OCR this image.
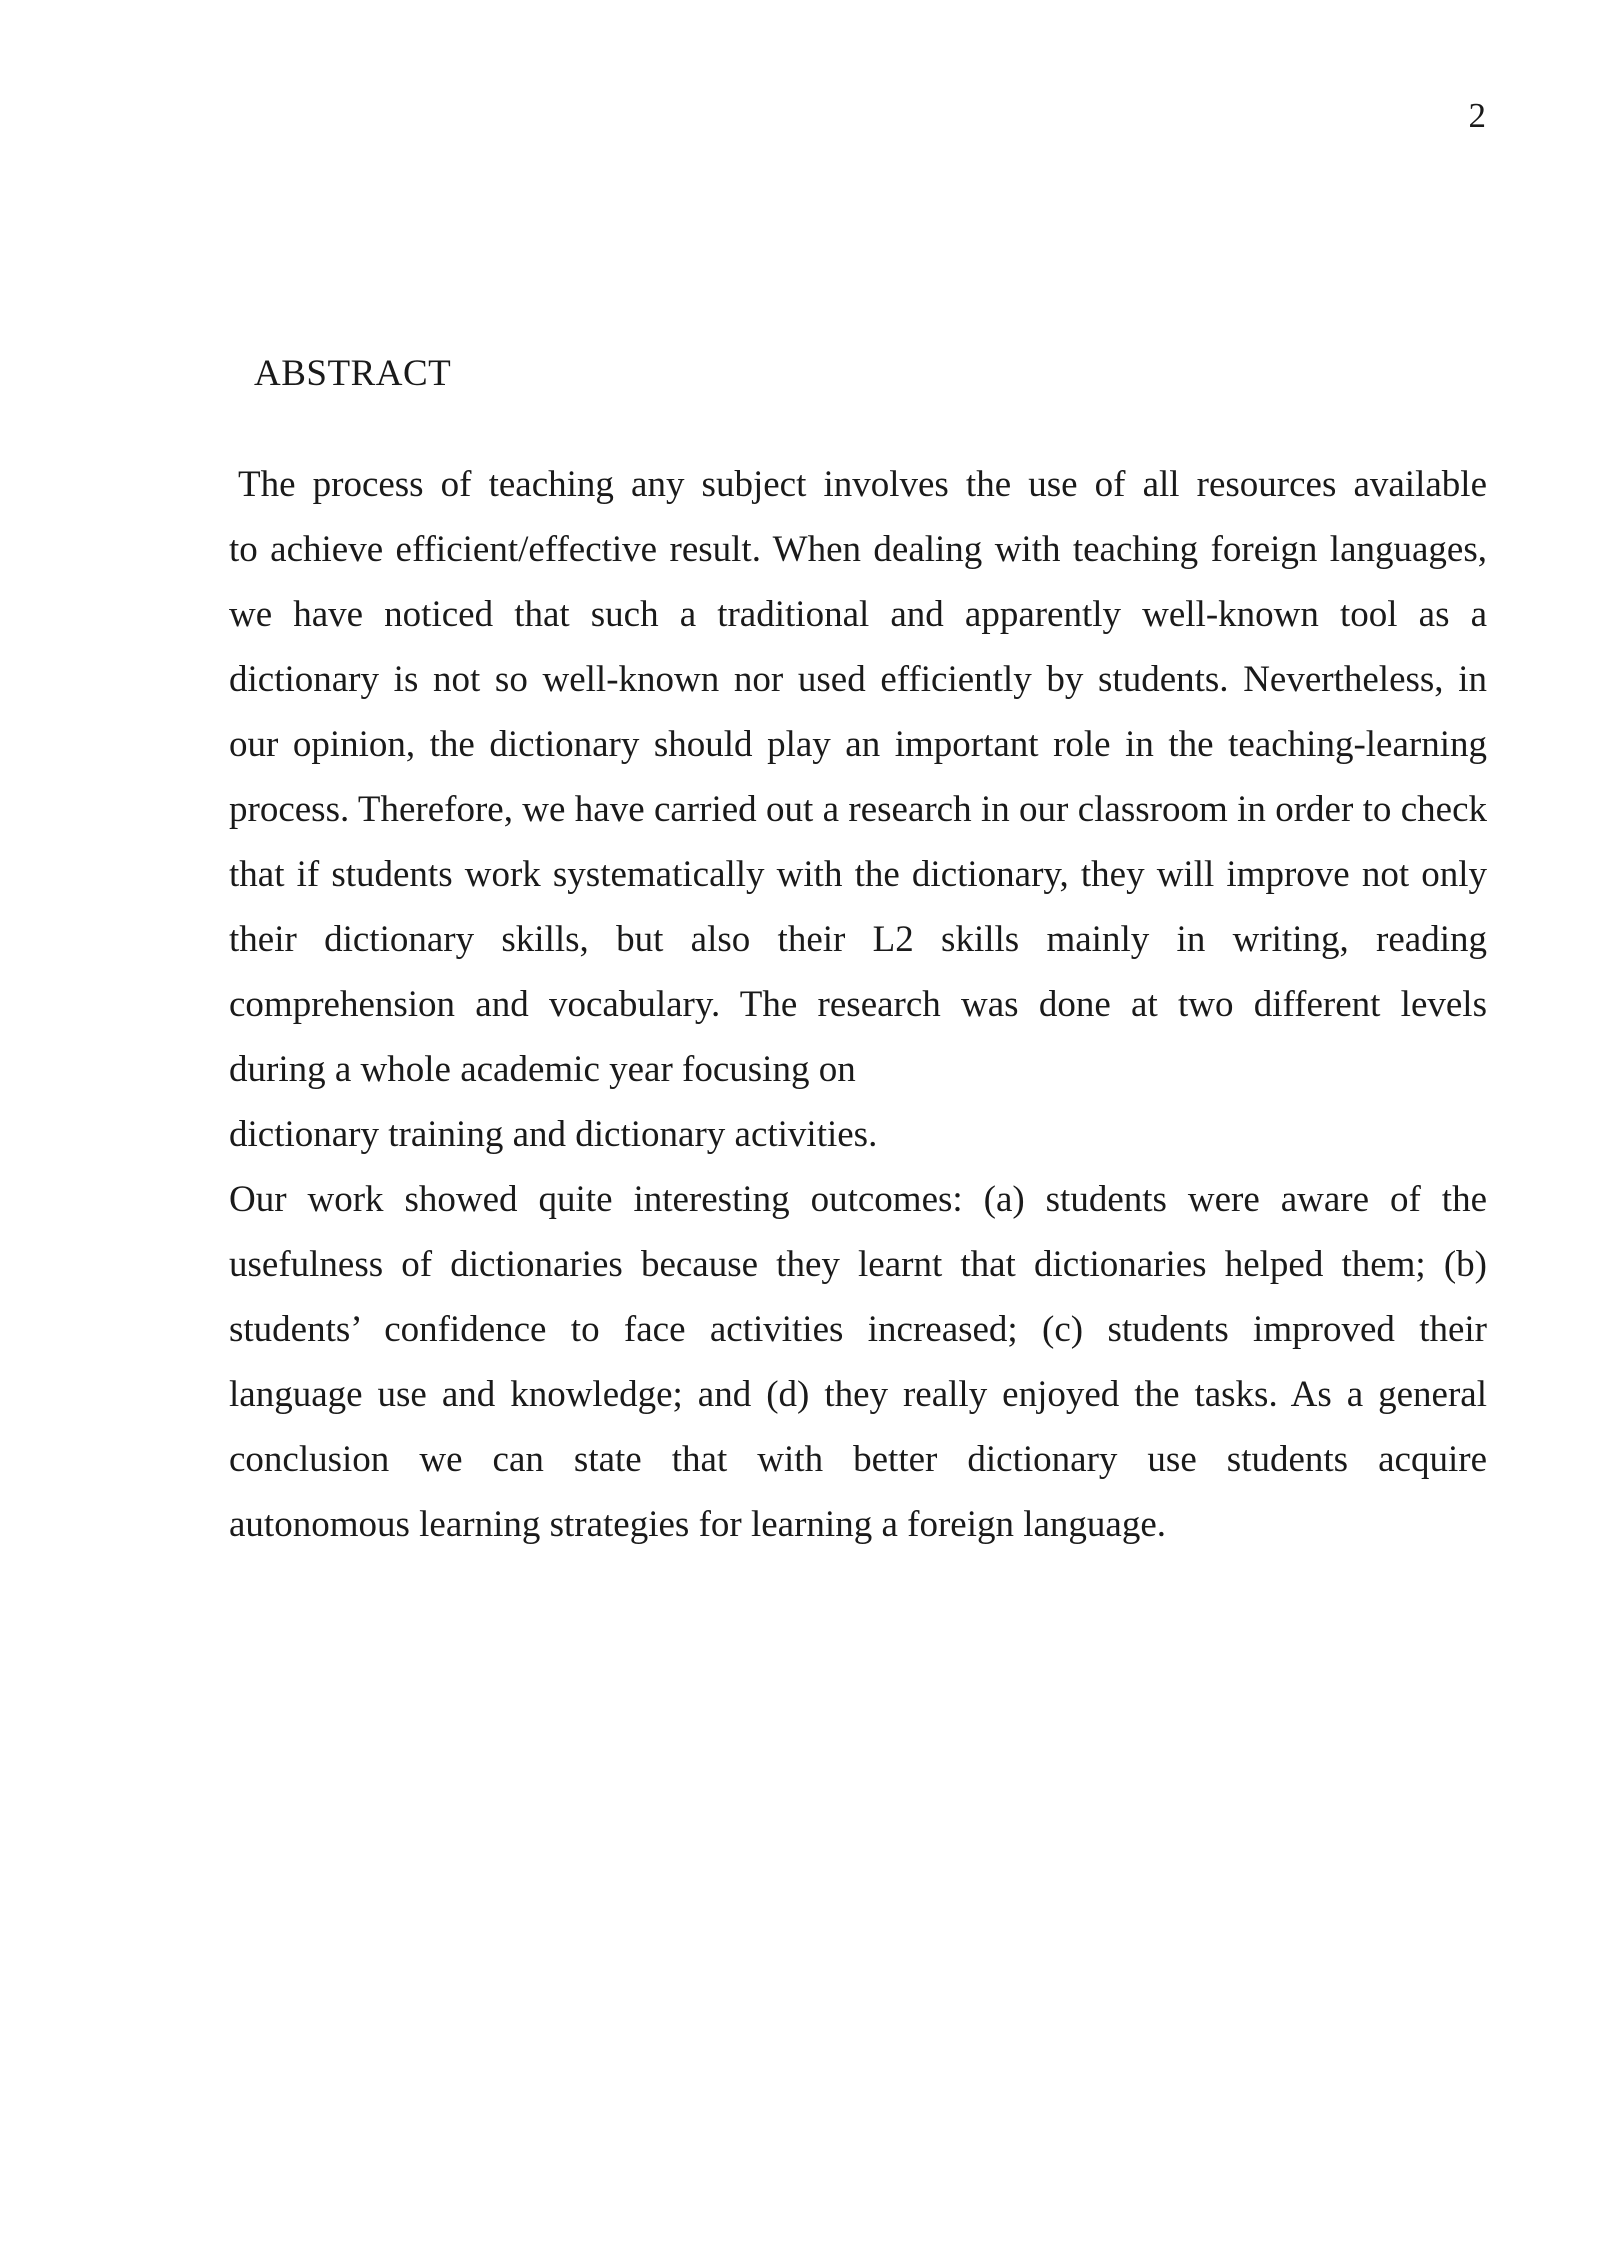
2
ABSTRACT
The process of teaching any subject involves the use of all resources available
to achieve efficient/effective result. When dealing with teaching foreign languages,
we have noticed that such a traditional and apparently well-known tool as a
dictionary is not so well-known nor used efficiently by students. Nevertheless, in
our opinion, the dictionary should play an important role in the teaching-learning
process. Therefore, we have carried out a research in our classroom in order to check
that if students work systematically with the dictionary, they will improve not only
their dictionary skills, but also their L2 skills mainly in writing, reading
comprehension and vocabulary. The research was done at two different levels
during a whole academic year focusing on
dictionary training and dictionary activities.
Our work showed quite interesting outcomes: (a) students were aware of the
usefulness of dictionaries because they learnt that dictionaries helped them; (b)
students’ confidence to face activities increased; (c) students improved their
language use and knowledge; and (d) they really enjoyed the tasks. As a general
conclusion we can state that with better dictionary use students acquire
autonomous learning strategies for learning a foreign language.
